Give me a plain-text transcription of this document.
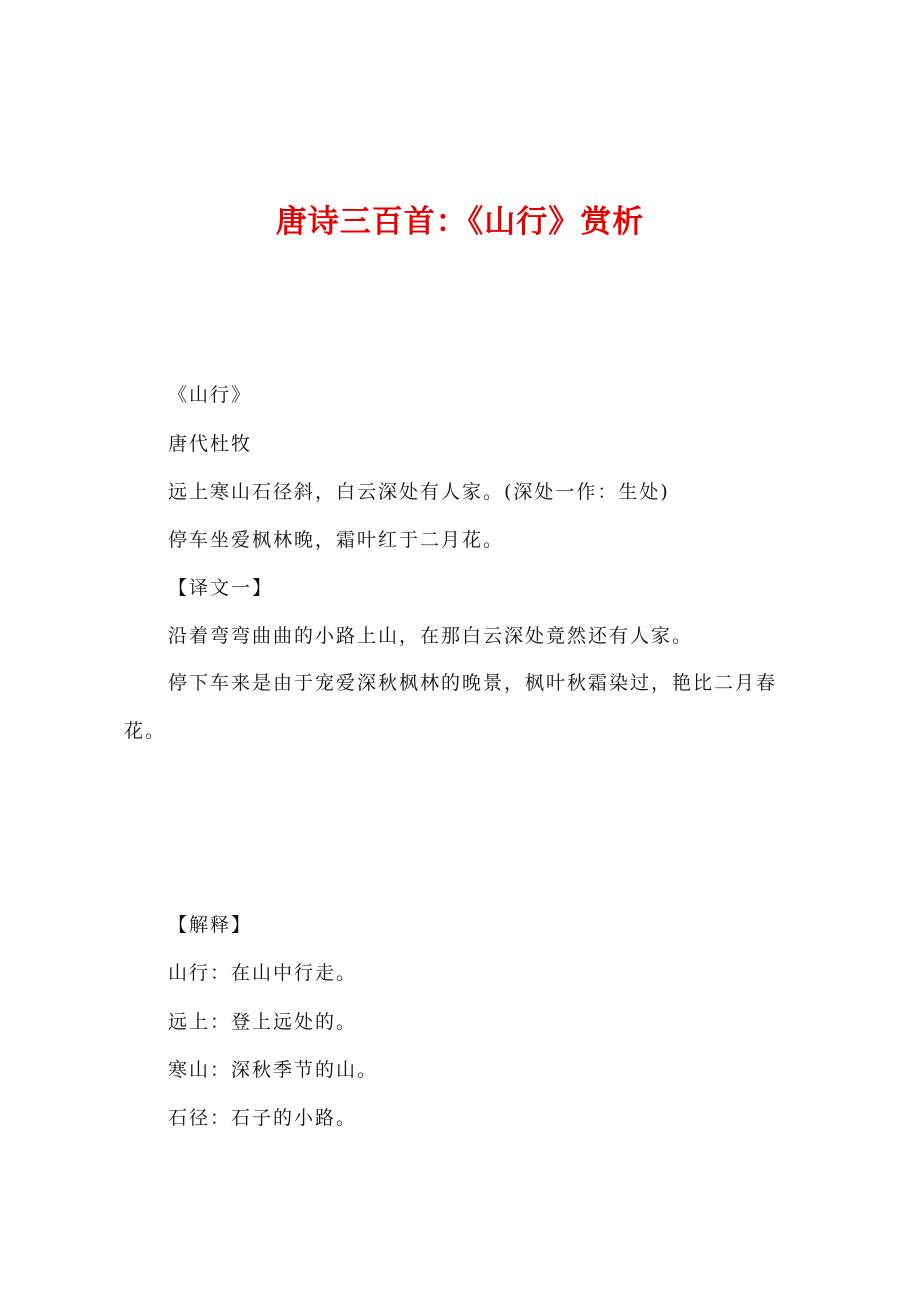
唐诗三百首：《山行》赏析

《山行》

唐代杜牧

远上寒山石径斜，白云深处有人家。(深处一作：生处)

停车坐爱枫林晚，霜叶红于二月花。

【译文一】

沿着弯弯曲曲的小路上山，在那白云深处竟然还有人家。

停下车来是由于宠爱深秋枫林的晚景，枫叶秋霜染过，艳比二月春花。

【解释】

山行：在山中行走。

远上：登上远处的。

寒山：深秋季节的山。

石径：石子的小路。
